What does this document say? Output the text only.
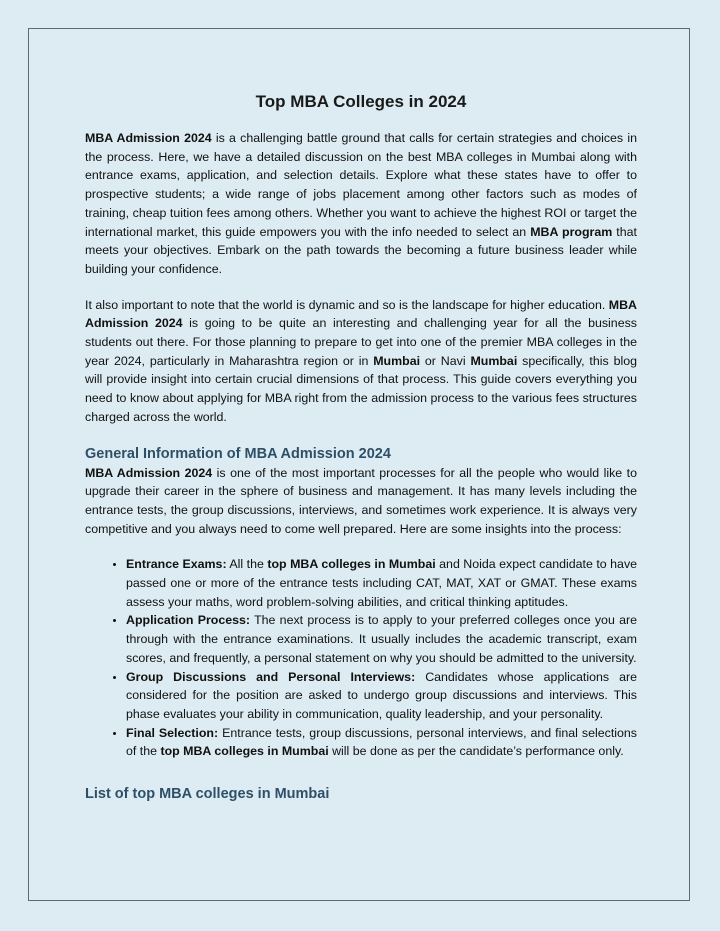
Top MBA Colleges in 2024

MBA Admission 2024 is a challenging battle ground that calls for certain strategies and choices in the process. Here, we have a detailed discussion on the best MBA colleges in Mumbai along with entrance exams, application, and selection details. Explore what these states have to offer to prospective students; a wide range of jobs placement among other factors such as modes of training, cheap tuition fees among others. Whether you want to achieve the highest ROI or target the international market, this guide empowers you with the info needed to select an MBA program that meets your objectives. Embark on the path towards the becoming a future business leader while building your confidence.

It also important to note that the world is dynamic and so is the landscape for higher education. MBA Admission 2024 is going to be quite an interesting and challenging year for all the business students out there. For those planning to prepare to get into one of the premier MBA colleges in the year 2024, particularly in Maharashtra region or in Mumbai or Navi Mumbai specifically, this blog will provide insight into certain crucial dimensions of that process. This guide covers everything you need to know about applying for MBA right from the admission process to the various fees structures charged across the world.

General Information of MBA Admission 2024

MBA Admission 2024 is one of the most important processes for all the people who would like to upgrade their career in the sphere of business and management. It has many levels including the entrance tests, the group discussions, interviews, and sometimes work experience. It is always very competitive and you always need to come well prepared. Here are some insights into the process:

• Entrance Exams: All the top MBA colleges in Mumbai and Noida expect candidate to have passed one or more of the entrance tests including CAT, MAT, XAT or GMAT. These exams assess your maths, word problem-solving abilities, and critical thinking aptitudes.
• Application Process: The next process is to apply to your preferred colleges once you are through with the entrance examinations. It usually includes the academic transcript, exam scores, and frequently, a personal statement on why you should be admitted to the university.
• Group Discussions and Personal Interviews: Candidates whose applications are considered for the position are asked to undergo group discussions and interviews. This phase evaluates your ability in communication, quality leadership, and your personality.
• Final Selection: Entrance tests, group discussions, personal interviews, and final selections of the top MBA colleges in Mumbai will be done as per the candidate’s performance only.
List of top MBA colleges in Mumbai
